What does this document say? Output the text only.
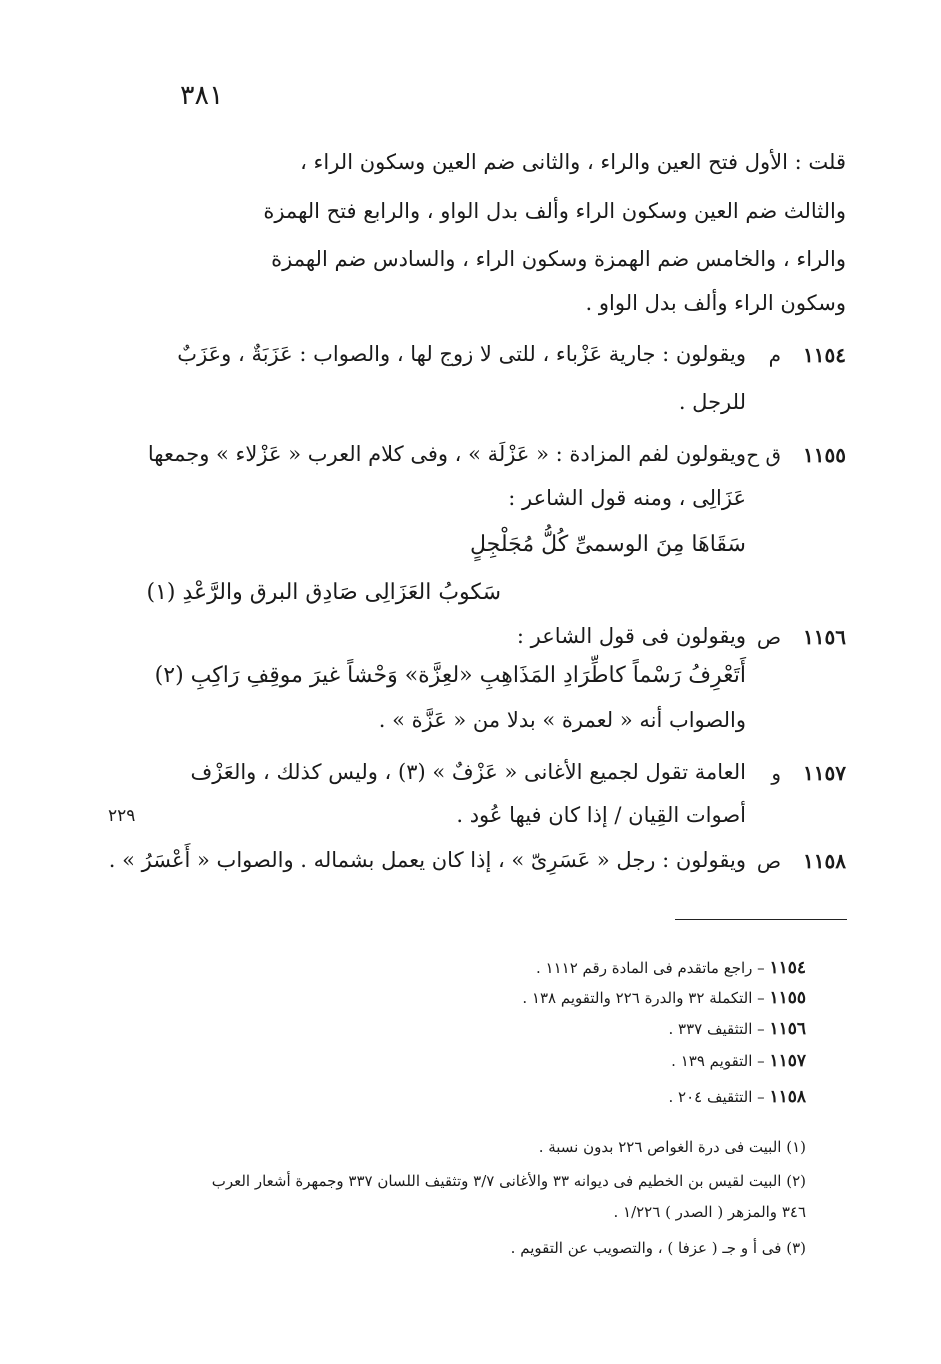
٣٨١
قلت : الأول فتح العين والراء ، والثانى ضم العين وسكون الراء ،
والثالث ضم العين وسكون الراء وألف بدل الواو ، والرابع فتح الهمزة
والراء ، والخامس ضم الهمزة وسكون الراء ، والسادس ضم الهمزة
وسكون الراء وألف بدل الواو .
١١٥٤
م
ويقولون : جارية عَزْباء ، للتى لا زوج لها ، والصواب : عَزَبَةٌ ، وعَزَبٌ
للرجل .
١١٥٥
ق ح
ويقولون لفم المزادة : « عَزْلَة » ، وفى كلام العرب « عَزْلاء » وجمعها
عَزَالِى ، ومنه قول الشاعر :
سَقَاهَا مِنَ الوسمىِّ كُلُّ مُجَلْجِلٍ
سَكوبُ العَزَالِى صَادِق البرق والرَّعْدِ (١)
١١٥٦
ص
ويقولون فى قول الشاعر :
أَتَعْرِفُ رَسْماً كاطِّرَادِ المَذَاهِبِ «لعِزَّة» وَحْشاً غيرَ موقِفِ رَاكِبِ (٢)
والصواب أنه « لعمرة » بدلا من « عَزَّة » .
١١٥٧
و
العامة تقول لجميع الأغانى « عَزْفٌ » (٣) ، وليس كذلك ، والعَزْف
أصوات القِيان / إذا كان فيها عُود .
٢٢٩
١١٥٨
ص
ويقولون : رجل « عَسَرِىّ » ، إذا كان يعمل بشماله . والصواب « أَعْسَرُ » .
١١٥٤ – راجع ماتقدم فى المادة رقم ١١١٢ .
١١٥٥ – التكملة ٣٢ والدرة ٢٢٦ والتقويم ١٣٨ .
١١٥٦ – التثقيف ٣٣٧ .
١١٥٧ – التقويم ١٣٩ .
١١٥٨ – التثقيف ٢٠٤ .
(١) البيت فى درة الغواص ٢٢٦ بدون نسبة .
(٢) البيت لقيس بن الخطيم فى ديوانه ٣٣ والأغانى ٣/٧ وتثقيف اللسان ٣٣٧ وجمهرة أشعار العرب
٣٤٦ والمزهر ( الصدر ) ١/٢٢٦ .
(٣) فى أ و جـ ( عزفا ) ، والتصويب عن التقويم .
